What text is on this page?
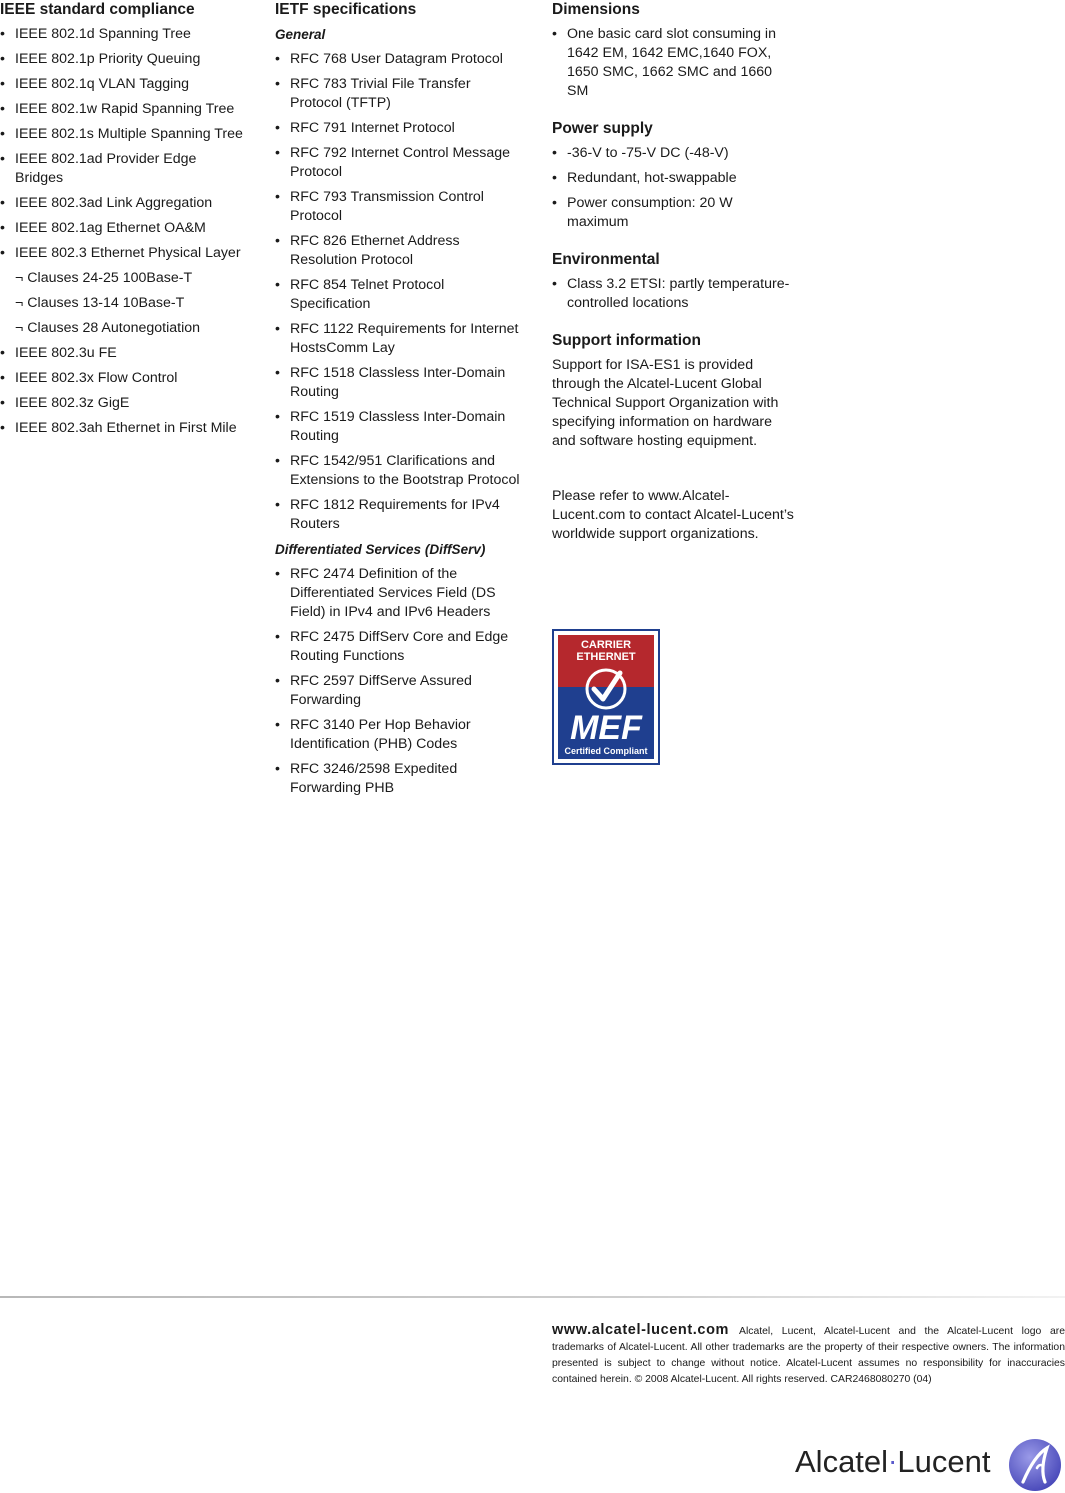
IEEE standard compliance
• IEEE 802.1d Spanning Tree
• IEEE 802.1p Priority Queuing
• IEEE 802.1q VLAN Tagging
• IEEE 802.1w Rapid Spanning Tree
• IEEE 802.1s Multiple Spanning Tree
• IEEE 802.1ad Provider Edge Bridges
• IEEE 802.3ad Link Aggregation
• IEEE 802.1ag Ethernet OA&M
• IEEE 802.3 Ethernet Physical Layer
¬ Clauses 24-25 100Base-T
¬ Clauses 13-14 10Base-T
¬ Clauses 28 Autonegotiation
• IEEE 802.3u FE
• IEEE 802.3x Flow Control
• IEEE 802.3z GigE
• IEEE 802.3ah Ethernet in First Mile
IETF specifications
General
• RFC 768 User Datagram Protocol
• RFC 783 Trivial File Transfer Protocol (TFTP)
• RFC 791 Internet Protocol
• RFC 792 Internet Control Message Protocol
• RFC 793 Transmission Control Protocol
• RFC 826 Ethernet Address Resolution Protocol
• RFC 854 Telnet Protocol Specification
• RFC 1122 Requirements for Internet HostsComm Lay
• RFC 1518 Classless Inter-Domain Routing
• RFC 1519 Classless Inter-Domain Routing
• RFC 1542/951 Clarifications and Extensions to the Bootstrap Protocol
• RFC 1812 Requirements for IPv4 Routers
Differentiated Services (DiffServ)
• RFC 2474 Definition of the Differentiated Services Field (DS Field) in IPv4 and IPv6 Headers
• RFC 2475 DiffServ Core and Edge Routing Functions
• RFC 2597 DiffServe Assured Forwarding
• RFC 3140 Per Hop Behavior Identification (PHB) Codes
• RFC 3246/2598 Expedited Forwarding PHB
Dimensions
• One basic card slot consuming in 1642 EM, 1642 EMC,1640 FOX, 1650 SMC, 1662 SMC and 1660 SM
Power supply
• -36-V to -75-V DC (-48-V)
• Redundant, hot-swappable
• Power consumption: 20 W maximum
Environmental
• Class 3.2 ETSI: partly temperature-controlled locations
Support information

Support for ISA-ES1 is provided through the Alcatel-Lucent Global Technical Support Organization with specifying information on hardware and software hosting equipment.

Please refer to www.Alcatel-Lucent.com to contact Alcatel-Lucent’s worldwide support organizations.

CARRIER
ETHERNET
MEF
Certified Compliant
www.alcatel-lucent.com Alcatel, Lucent, Alcatel-Lucent and the Alcatel-Lucent logo are trademarks of Alcatel-Lucent. All other trademarks are the property of their respective owners. The information presented is subject to change without notice. Alcatel-Lucent assumes no responsibility for inaccuracies contained herein. © 2008 Alcatel-Lucent. All rights reserved. CAR2468080270 (04)
Alcatel·Lucent
